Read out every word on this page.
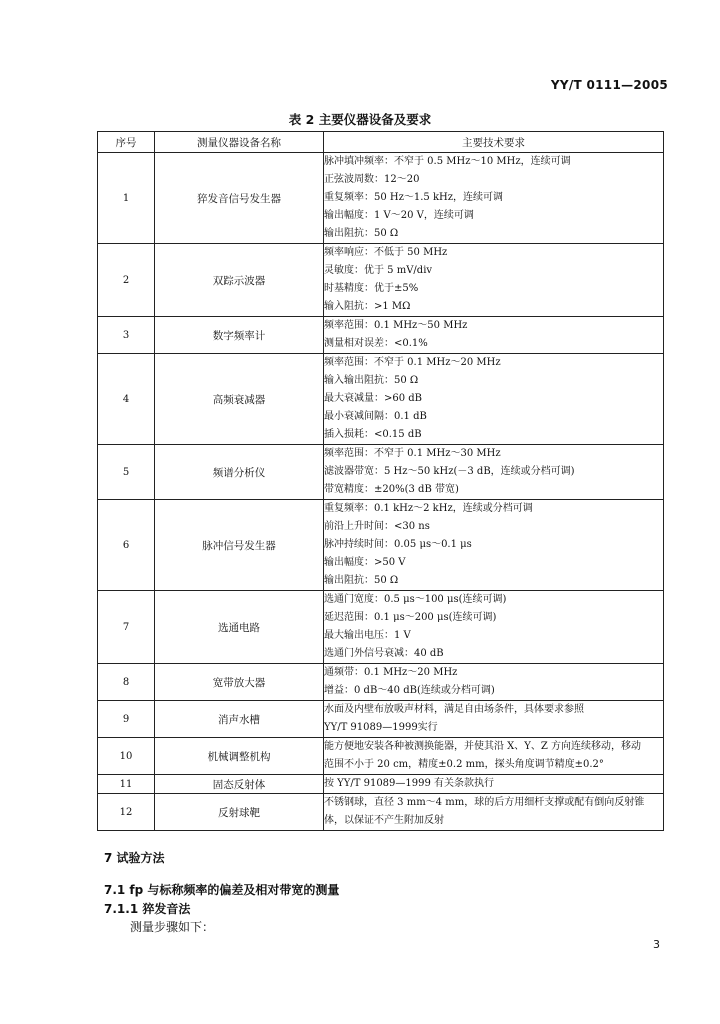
YY/T 0111—2005
表 2 主要仪器设备及要求
序号	测量仪器设备名称	主要技术要求
1	猝发音信号发生器	脉冲填冲频率：不窄于 0.5 MHz～10 MHz，连续可调
正弦波周数：12～20
重复频率：50 Hz～1.5 kHz，连续可调
输出幅度：1 V～20 V，连续可调
输出阻抗：50 Ω

2	双踪示波器	频率响应：不低于 50 MHz
灵敏度：优于 5 mV/div
时基精度：优于±5%
输入阻抗：>1 MΩ

3	数字频率计	频率范围：0.1 MHz～50 MHz
测量相对误差：<0.1%

4	高频衰减器	频率范围：不窄于 0.1 MHz～20 MHz
输入输出阻抗：50 Ω
最大衰减量：>60 dB
最小衰减间隔：0.1 dB
插入损耗：<0.15 dB

5	频谱分析仪	频率范围：不窄于 0.1 MHz～30 MHz
滤波器带宽：5 Hz～50 kHz(－3 dB，连续或分档可调)
带宽精度：±20%(3 dB 带宽)

6	脉冲信号发生器	重复频率：0.1 kHz～2 kHz，连续或分档可调
前沿上升时间：<30 ns
脉冲持续时间：0.05 μs～0.1 μs
输出幅度：>50 V
输出阻抗：50 Ω

7	选通电路	选通门宽度：0.5 μs～100 μs(连续可调)
延迟范围：0.1 μs～200 μs(连续可调)
最大输出电压：1 V
选通门外信号衰减：40 dB

8	宽带放大器	通频带：0.1 MHz～20 MHz
增益：0 dB～40 dB(连续或分档可调)

9	消声水槽	水面及内壁布放吸声材料，满足自由场条件，具体要求参照
YY/T 91089—1999实行

10	机械调整机构	能方便地安装各种被测换能器，并使其沿 X、Y、Z 方向连续移动，移动
范围不小于 20 cm，精度±0.2 mm，探头角度调节精度±0.2°

11	固态反射体	按 YY/T 91089—1999 有关条款执行

12	反射球靶	不锈钢球，直径 3 mm～4 mm，球的后方用细杆支撑或配有倒向反射锥
体，以保证不产生附加反射
7 试验方法
7.1 fp 与标称频率的偏差及相对带宽的测量
7.1.1 猝发音法
测量步骤如下：
3
